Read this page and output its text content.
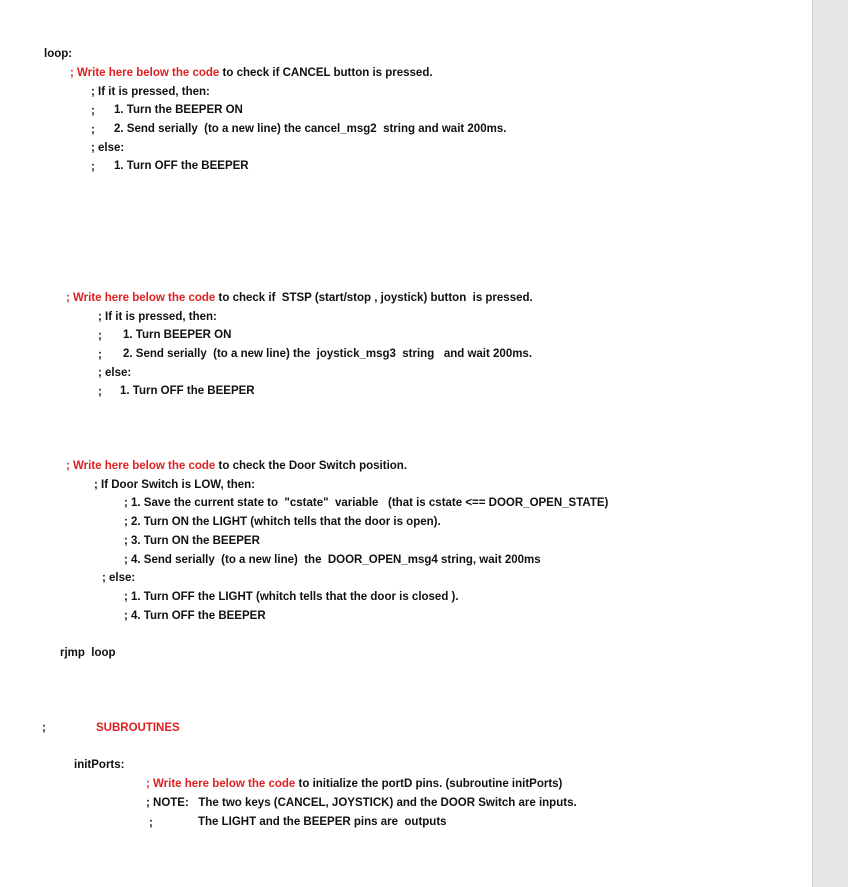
loop:
; Write here below the code to check if CANCEL button is pressed.
; If it is pressed, then:
; 1. Turn the BEEPER ON
; 2. Send serially  (to a new line) the cancel_msg2  string and wait 200ms.
; else:
; 1. Turn OFF the BEEPER
; Write here below the code to check if  STSP (start/stop , joystick) button  is pressed.
; If it is pressed, then:
; 1. Turn BEEPER ON
; 2. Send serially  (to a new line) the  joystick_msg3  string   and wait 200ms.
; else:
; 1. Turn OFF the BEEPER
; Write here below the code to check the Door Switch position.
; If Door Switch is LOW, then:
; 1. Save the current state to  "cstate"  variable   (that is cstate <== DOOR_OPEN_STATE)
; 2. Turn ON the LIGHT (whitch tells that the door is open).
; 3. Turn ON the BEEPER
; 4. Send serially  (to a new line)  the  DOOR_OPEN_msg4 string, wait 200ms
; else:
; 1. Turn OFF the LIGHT (whitch tells that the door is closed ).
; 4. Turn OFF the BEEPER
rjmp  loop
;	SUBROUTINES
initPorts:
; Write here below the code to initialize the portD pins. (subroutine initPorts)
; NOTE:   The two keys (CANCEL, JOYSTICK) and the DOOR Switch are inputs.
;	The LIGHT and the BEEPER pins are  outputs
